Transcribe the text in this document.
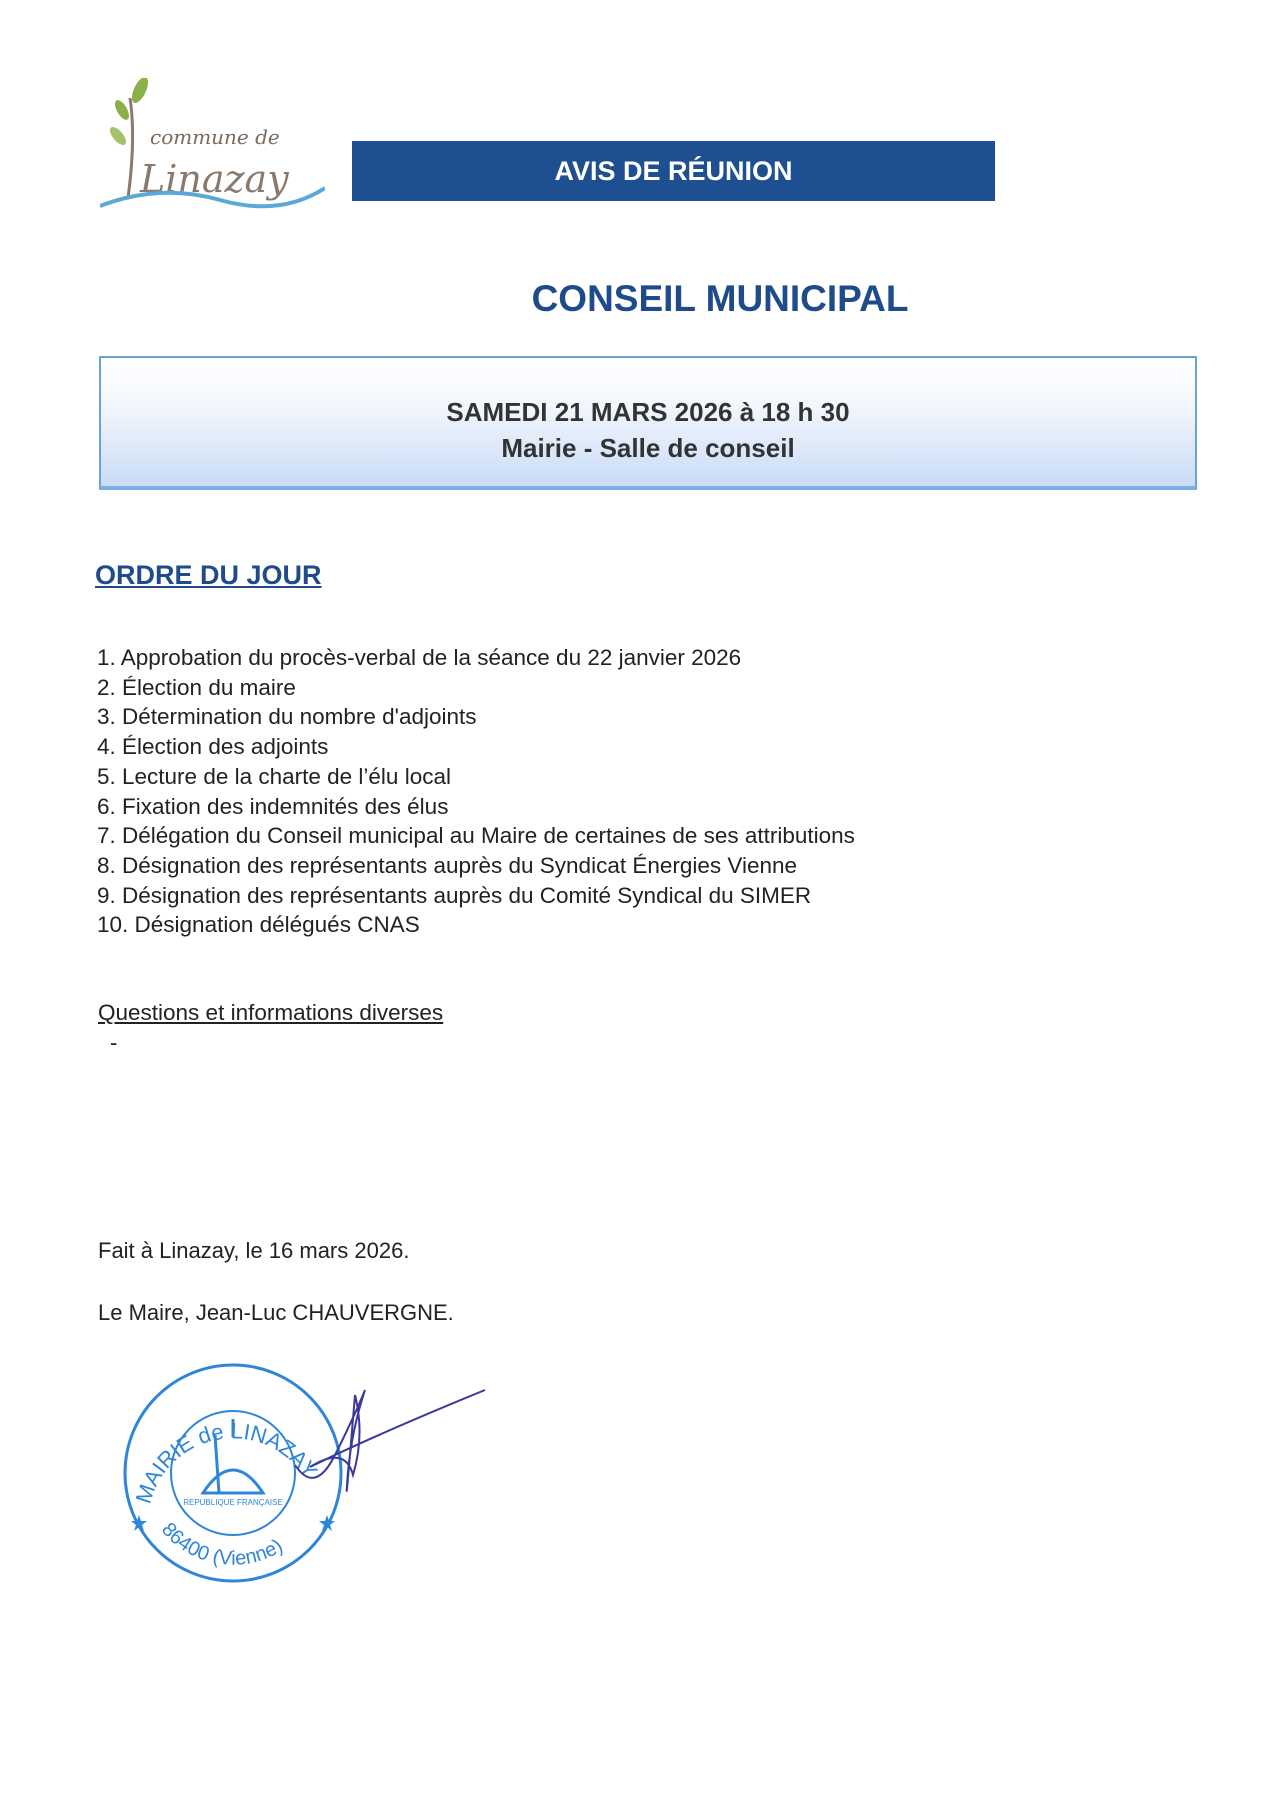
commune de
Linazay	AVIS DE RÉUNION
CONSEIL MUNICIPAL
SAMEDI 21 MARS 2026 à 18 h 30
Mairie - Salle de conseil
ORDRE DU JOUR
1. Approbation du procès-verbal de la séance du 22 janvier 2026
2. Élection du maire
3. Détermination du nombre d'adjoints
4. Élection des adjoints
5. Lecture de la charte de l’élu local
6. Fixation des indemnités des élus
7. Délégation du Conseil municipal au Maire de certaines de ses attributions
8. Désignation des représentants auprès du Syndicat Énergies Vienne
9. Désignation des représentants auprès du Comité Syndical du SIMER
10. Désignation délégués CNAS
Questions et informations diverses
-
Fait à Linazay, le 16 mars 2026.
Le Maire, Jean-Luc CHAUVERGNE.
MAIRIE de LINAZAY
86400 (Vienne)
REPUBLIQUE FRANÇAISE
